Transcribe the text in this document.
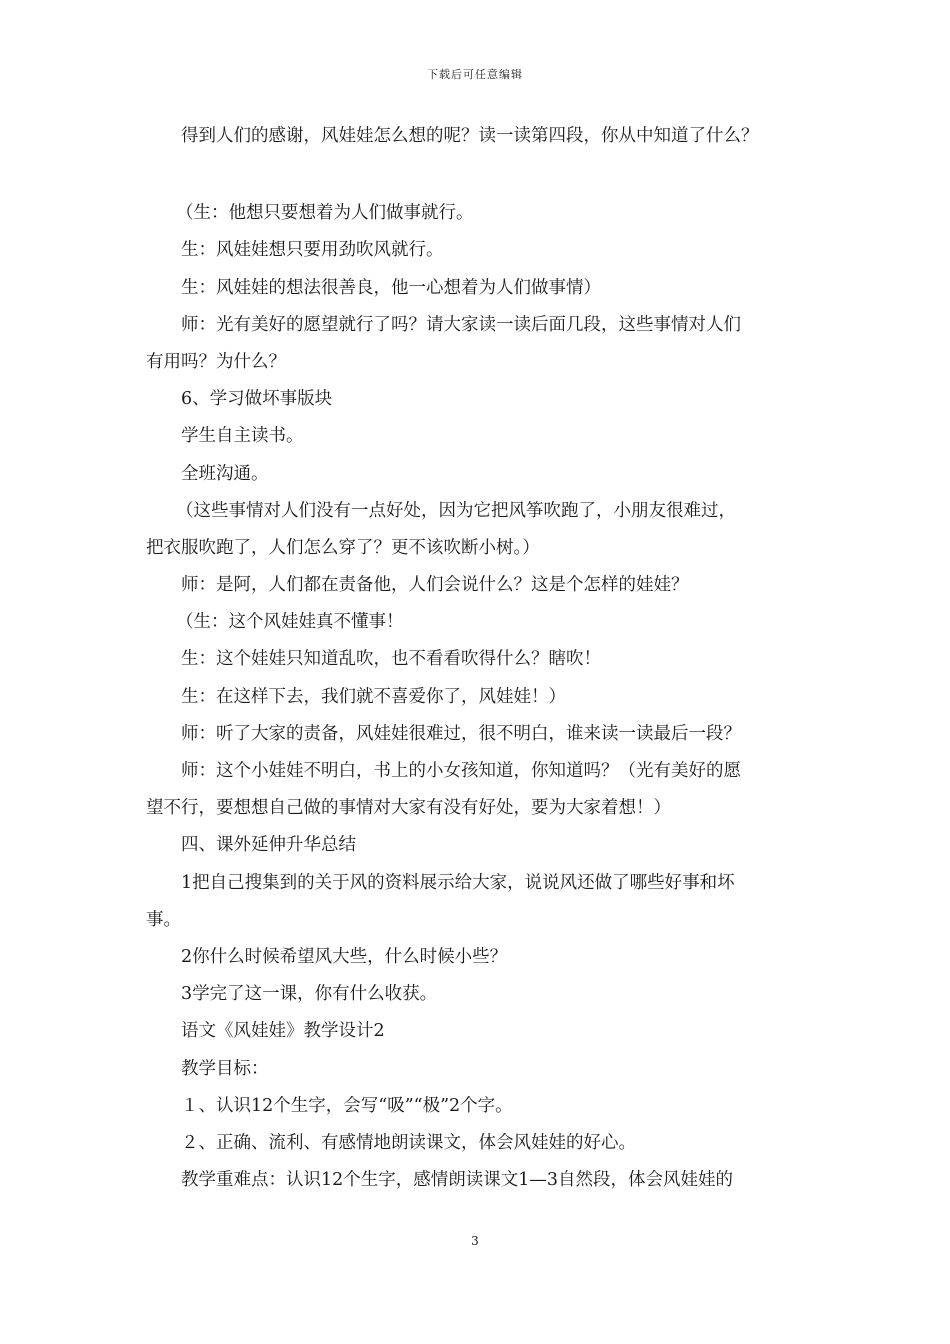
下载后可任意编辑
得到人们的感谢，风娃娃怎么想的呢？读一读第四段，你从中知道了什么？
（生：他想只要想着为人们做事就行。
生：风娃娃想只要用劲吹风就行。
生：风娃娃的想法很善良，他一心想着为人们做事情）
师：光有美好的愿望就行了吗？请大家读一读后面几段，这些事情对人们
有用吗？为什么？
6、学习做坏事版块
学生自主读书。
全班沟通。
（这些事情对人们没有一点好处，因为它把风筝吹跑了，小朋友很难过，
把衣服吹跑了，人们怎么穿了？更不该吹断小树。）
师：是阿，人们都在责备他，人们会说什么？这是个怎样的娃娃？
（生：这个风娃娃真不懂事！
生：这个娃娃只知道乱吹，也不看看吹得什么？瞎吹！
生：在这样下去，我们就不喜爱你了，风娃娃！）
师：听了大家的责备，风娃娃很难过，很不明白，谁来读一读最后一段？
师：这个小娃娃不明白，书上的小女孩知道，你知道吗？（光有美好的愿
望不行，要想想自己做的事情对大家有没有好处，要为大家着想！）
四、课外延伸升华总结
1把自己搜集到的关于风的资料展示给大家，说说风还做了哪些好事和坏
事。
2你什么时候希望风大些，什么时候小些？
3学完了这一课，你有什么收获。
语文《风娃娃》教学设计2
教学目标：
１、认识12个生字，会写“吸”“极”2个字。
２、正确、流利、有感情地朗读课文，体会风娃娃的好心。
教学重难点：认识12个生字，感情朗读课文1—3自然段，体会风娃娃的
3
